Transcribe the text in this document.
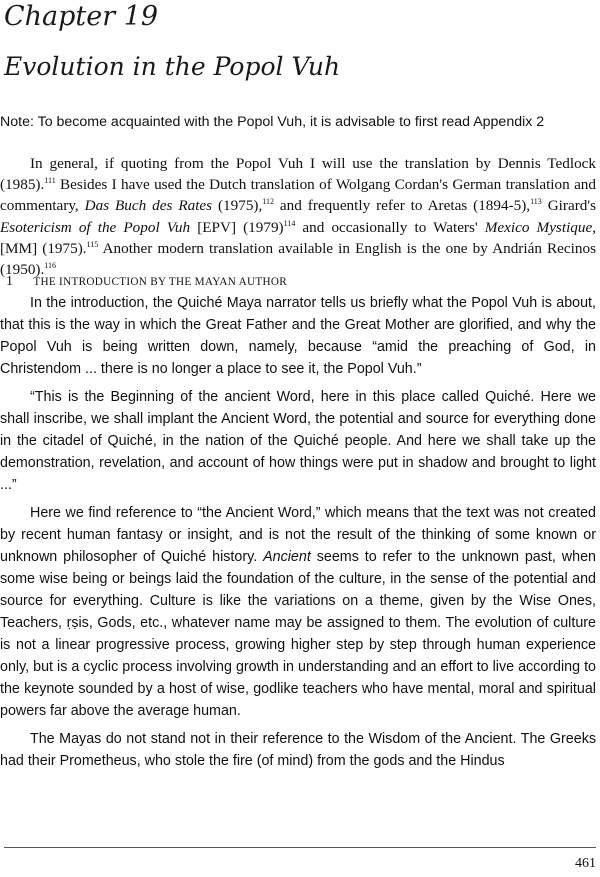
Chapter 19
Evolution in the Popol Vuh
Note: To become acquainted with the Popol Vuh, it is advisable to first read Appendix 2

In general, if quoting from the Popol Vuh I will use the translation by Dennis Tedlock (1985).$^{111}$ Besides I have used the Dutch translation of Wolgang Cordan's German translation and commentary, Das Buch des Rates (1975),$^{112}$ and frequently refer to Aretas (1894-5),$^{113}$ Girard's Esotericism of the Popol Vuh [EPV] $(1979)^{114}$ and occasionally to Waters' Mexico Mystique, [MM] (1975).$^{115}$ Another modern translation available in English is the one by Andrián Recinos (1950).$^{116}$

1 THE INTRODUCTION BY THE MAYAN AUTHOR

In the introduction, the Quiché Maya narrator tells us briefly what the Popol Vuh is about, that this is the way in which the Great Father and the Great Mother are glorified, and why the Popol Vuh is being written down, namely, because “amid the preaching of God, in Christendom ... there is no longer a place to see it, the Popol Vuh.”

“This is the Beginning of the ancient Word, here in this place called Quiché. Here we shall inscribe, we shall implant the Ancient Word, the potential and source for everything done in the citadel of Quiché, in the nation of the Quiché people. And here we shall take up the demonstration, revelation, and account of how things were put in shadow and brought to light ...”

Here we find reference to “the Ancient Word,” which means that the text was not created by recent human fantasy or insight, and is not the result of the thinking of some known or unknown philosopher of Quiché history. Ancient seems to refer to the unknown past, when some wise being or beings laid the foundation of the culture, in the sense of the potential and source for everything. Culture is like the variations on a theme, given by the Wise Ones, Teachers, ṛṣis, Gods, etc., whatever name may be assigned to them. The evolution of culture is not a linear progressive process, growing higher step by step through human experience only, but is a cyclic process involving growth in understanding and an effort to live according to the keynote sounded by a host of wise, godlike teachers who have mental, moral and spiritual powers far above the average human.

The Mayas do not stand not in their reference to the Wisdom of the Ancient. The Greeks had their Prometheus, who stole the fire (of mind) from the gods and the Hindus

461
